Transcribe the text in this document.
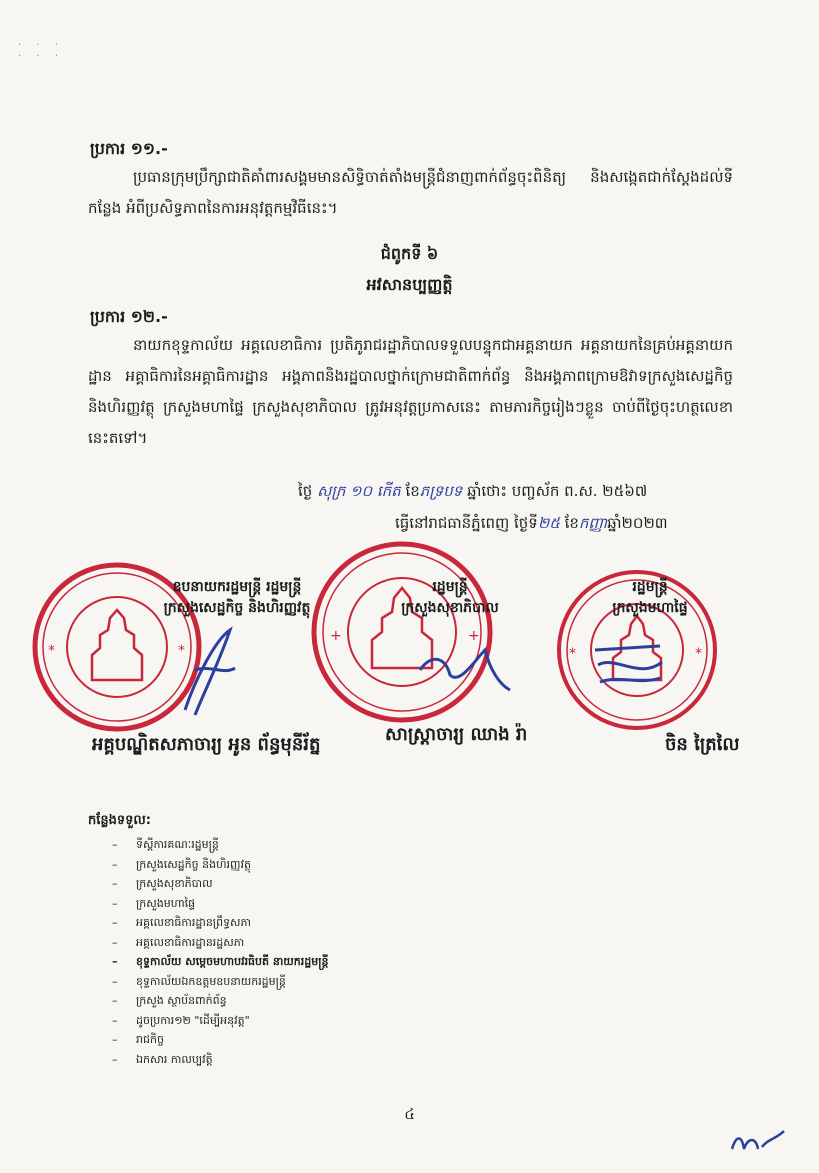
· · ·
· · ·
ប្រការ ១១.-
ប្រធានក្រុមប្រឹក្សាជាតិគាំពារសង្គមមានសិទ្ធិចាត់តាំងមន្ត្រីជំនាញពាក់ព័ន្ធចុះពិនិត្យ និងសង្កេតជាក់ស្តែងដល់ទីកន្លែង អំពីប្រសិទ្ធភាពនៃការអនុវត្តកម្មវិធីនេះ។
ជំពូកទី ៦
អវសានប្បញ្ញត្តិ
ប្រការ ១២.-
នាយកខុទ្ទកាល័យ អគ្គលេខាធិការ ប្រតិភូរាជរដ្ឋាភិបាលទទួលបន្ទុកជាអគ្គនាយក អគ្គនាយកនៃគ្រប់អគ្គនាយកដ្ឋាន អគ្គាធិការនៃអគ្គាធិការដ្ឋាន អង្គភាពនិងរដ្ឋបាលថ្នាក់ក្រោមជាតិពាក់ព័ន្ធ និងអង្គភាពក្រោមឱវាទក្រសួងសេដ្ឋកិច្ច និងហិរញ្ញវត្ថុ ក្រសួងមហាផ្ទៃ ក្រសួងសុខាភិបាល ត្រូវអនុវត្តប្រកាសនេះ តាមភារកិច្ចរៀងៗខ្លួន ចាប់ពីថ្ងៃចុះហត្ថលេខានេះតទៅ។
ថ្ងៃ សុក្រ ១០ កើត ខែភទ្របទ ឆ្នាំថោះ បញ្ចស័ក ព.ស. ២៥៦៧
ធ្វើនៅរាជធានីភ្នំពេញ ថ្ងៃទី២៥ ខែកញ្ញាឆ្នាំ២០២៣
*	*
+	+
*	*
ឧបនាយករដ្ឋមន្ត្រី រដ្ឋមន្ត្រី
ក្រសួងសេដ្ឋកិច្ច និងហិរញ្ញវត្ថុ
រដ្ឋមន្ត្រី
ក្រសួងសុខាភិបាល
រដ្ឋមន្ត្រី
ក្រសួងមហាផ្ទៃ
អគ្គបណ្ឌិតសភាចារ្យ អូន ព័ន្ធមុនីរ័ត្ន	សាស្ត្រាចារ្យ ឈាង រ៉ា	ចិន ត្រៃលៃ
កន្លែងទទួល:
– ទីស្តីការគណៈរដ្ឋមន្ត្រី
– ក្រសួងសេដ្ឋកិច្ច និងហិរញ្ញវត្ថុ
– ក្រសួងសុខាភិបាល
– ក្រសួងមហាផ្ទៃ
– អគ្គលេខាធិការដ្ឋានព្រឹទ្ធសភា
– អគ្គលេខាធិការដ្ឋានរដ្ឋសភា
– ខុទ្ទកាល័យ សម្តេចមហាបវរធិបតី នាយករដ្ឋមន្ត្រី
– ខុទ្ទកាល័យឯកឧត្តមឧបនាយករដ្ឋមន្ត្រី
– ក្រសួង ស្ថាប័នពាក់ព័ន្ធ
– ដូចប្រការ១២ "ដើម្បីអនុវត្ត"
– រាជកិច្ច
– ឯកសារ កាលប្បវត្តិ
៤
